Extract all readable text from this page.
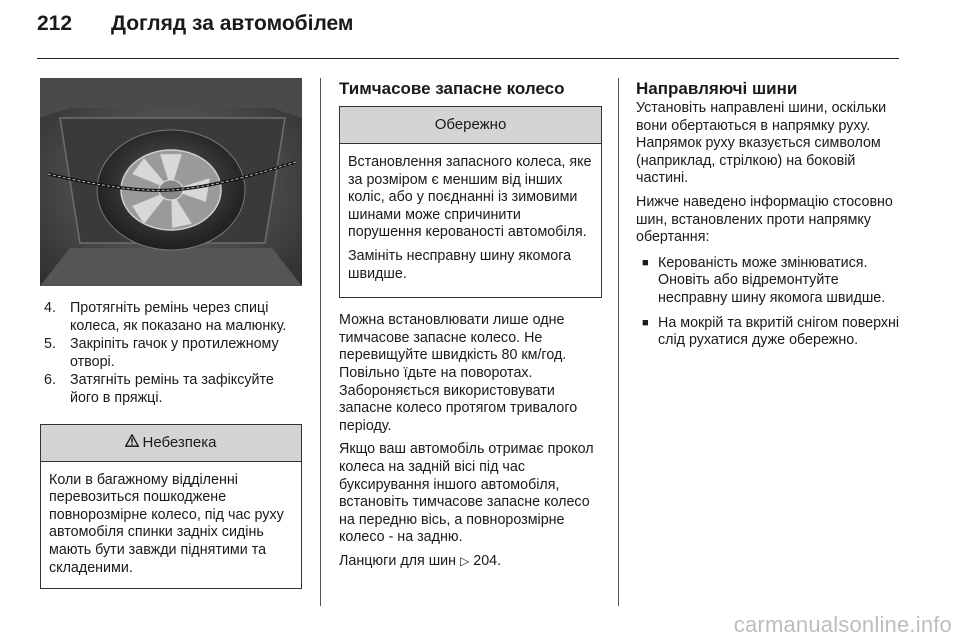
212	Догляд за автомобілем
4. Протягніть ремінь через спиці колеса, як показано на малюнку.
5. Закріпіть гачок у протилежному отворі.
6. Затягніть ремінь та зафіксуйте його в пряжці.
Небезпека

Коли в багажному відділенні перевозиться пошкоджене повнорозмірне колесо, під час руху автомобіля спинки задніх сидінь мають бути завжди піднятими та складеними.

Тимчасове запасне колесо
Обережно

Встановлення запасного колеса, яке за розміром є меншим від інших коліс, або у поєднанні із зимовими шинами може спричинити порушення керованості автомобіля.

Замініть несправну шину якомога швидше.

Можна встановлювати лише одне тимчасове запасне колесо. Не перевищуйте швидкість 80 км/год. Повільно їдьте на поворотах. Забороняється використовувати запасне колесо протягом тривалого періоду.

Якщо ваш автомобіль отримає прокол колеса на задній вісі під час буксирування іншого автомобіля, встановіть тимчасове запасне колесо на передню вісь, а повнорозмірне колесо - на задню.

Ланцюги для шин ▷ 204.

Направляючі шини

Установіть направлені шини, оскільки вони обертаються в напрямку руху. Напрямок руху вказується символом (наприклад, стрілкою) на боковій частині.

Нижче наведено інформацію стосовно шин, встановлених проти напрямку обертання:

■ Керованість може змінюватися. Оновіть або відремонтуйте несправну шину якомога швидше.
■ На мокрій та вкритій снігом поверхні слід рухатися дуже обережно.
carmanualsonline.info
